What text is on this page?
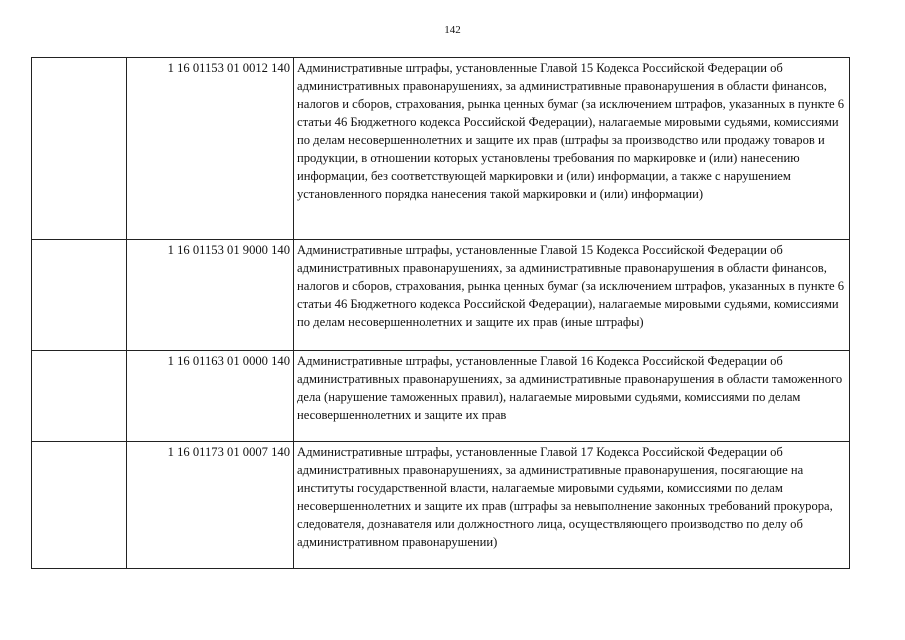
142
	1 16 01153 01 0012 140	Административные штрафы, установленные Главой 15 Кодекса Российской Федерации об административных правонарушениях, за административные правонарушения в области финансов, налогов и сборов, страхования, рынка ценных бумаг (за исключением штрафов, указанных в пункте 6 статьи 46 Бюджетного кодекса Российской Федерации), налагаемые мировыми судьями, комиссиями по делам несовершеннолетних и защите их прав (штрафы за производство или продажу товаров и продукции, в отношении которых установлены требования по маркировке и (или) нанесению информации, без соответствующей маркировки и (или) информации, а также с нарушением установленного порядка нанесения такой маркировки и (или) информации)
	1 16 01153 01 9000 140	Административные штрафы, установленные Главой 15 Кодекса Российской Федерации об административных правонарушениях, за административные правонарушения в области финансов, налогов и сборов, страхования, рынка ценных бумаг (за исключением штрафов, указанных в пункте 6 статьи 46 Бюджетного кодекса Российской Федерации), налагаемые мировыми судьями, комиссиями по делам несовершеннолетних и защите их прав (иные штрафы)
	1 16 01163 01 0000 140	Административные штрафы, установленные Главой 16 Кодекса Российской Федерации об административных правонарушениях, за административные правонарушения в области таможенного дела (нарушение таможенных правил), налагаемые мировыми судьями, комиссиями по делам несовершеннолетних и защите их прав
	1 16 01173 01 0007 140	Административные штрафы, установленные Главой 17 Кодекса Российской Федерации об административных правонарушениях, за административные правонарушения, посягающие на институты государственной власти, налагаемые мировыми судьями, комиссиями по делам несовершеннолетних и защите их прав (штрафы за невыполнение законных требований прокурора, следователя, дознавателя или должностного лица, осуществляющего производство по делу об административном правонарушении)
